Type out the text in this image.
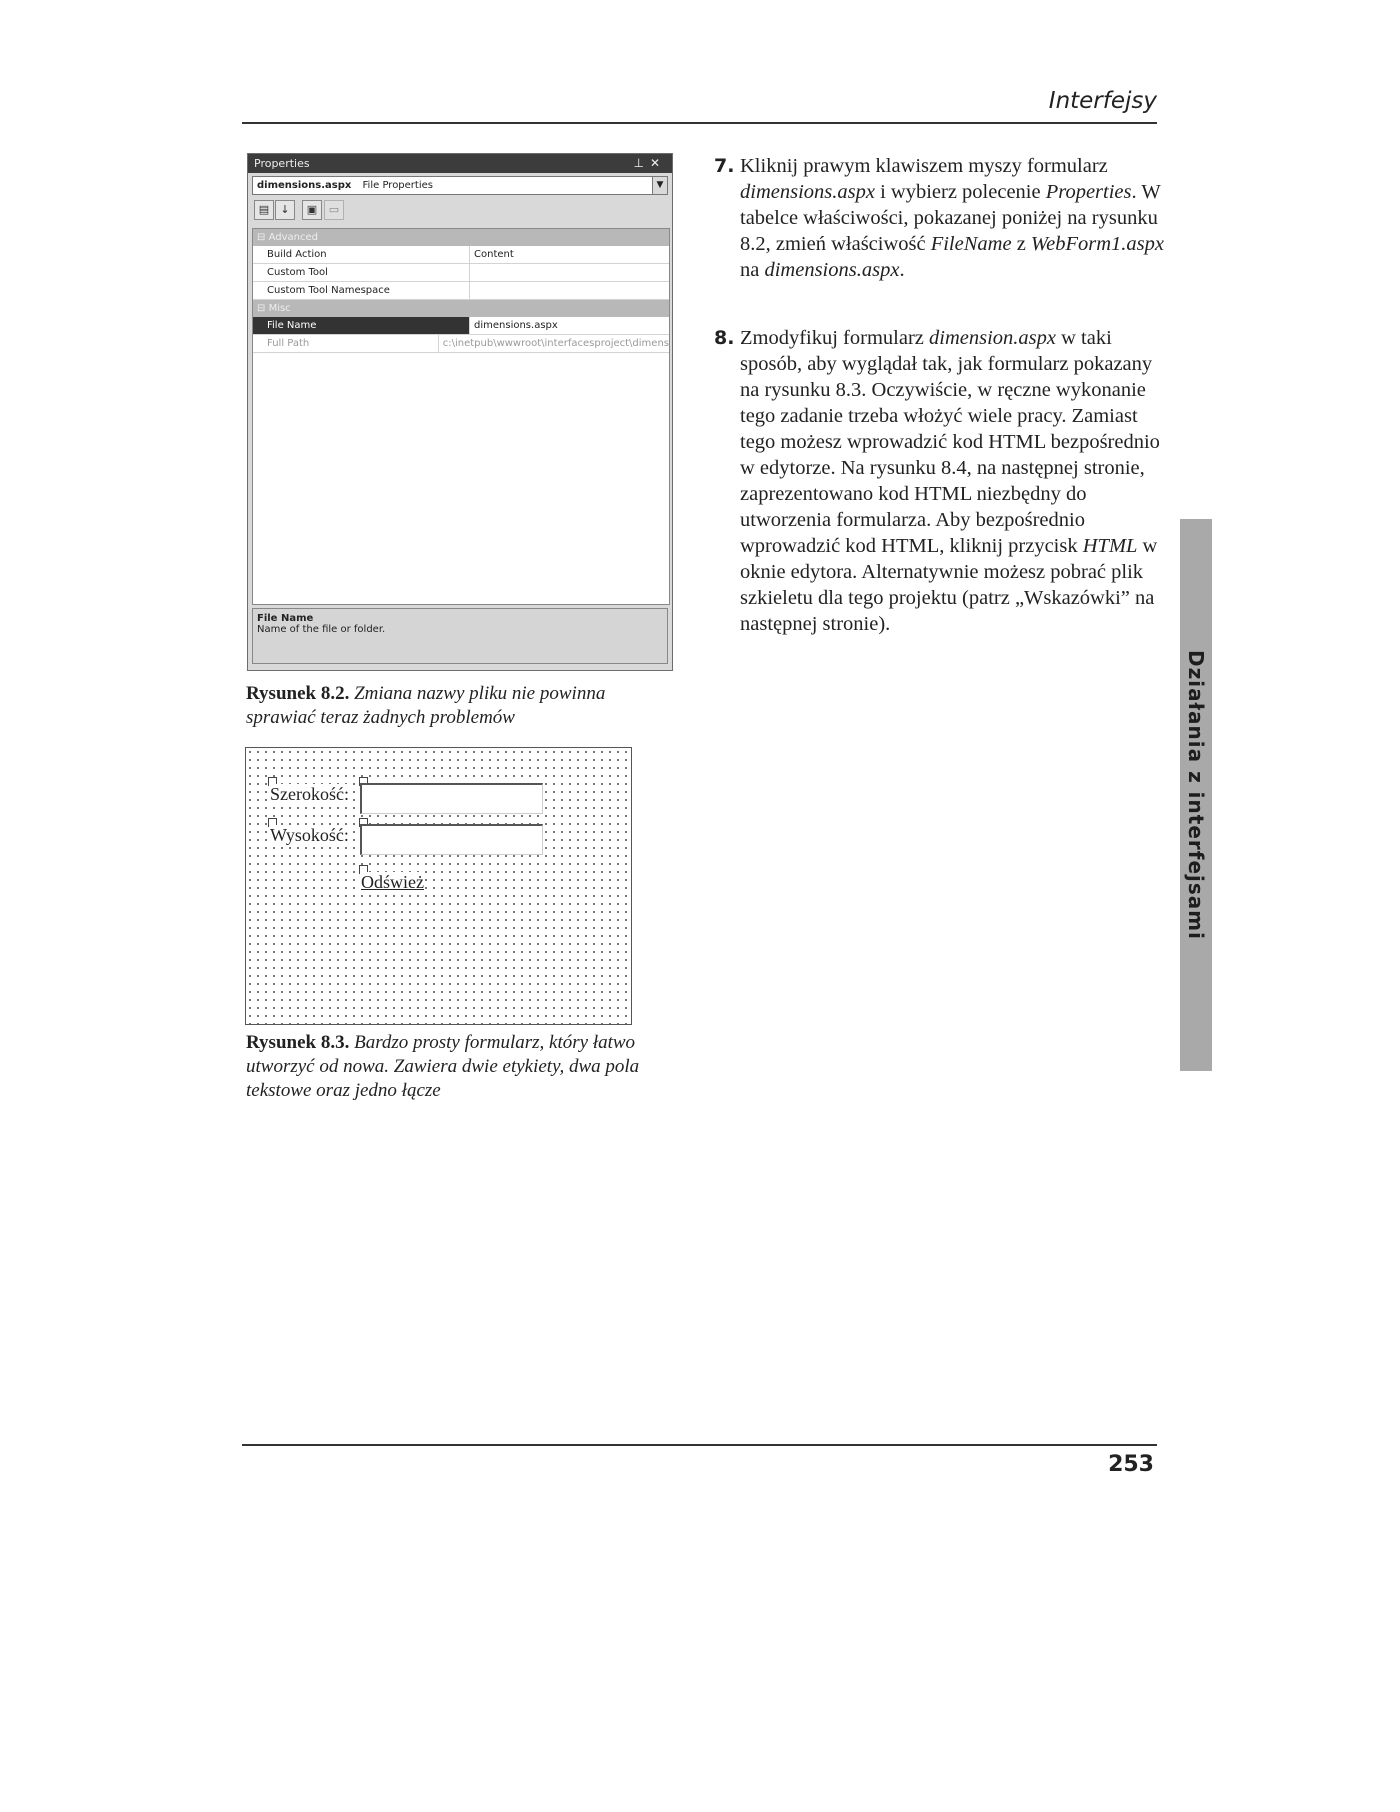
Interfejsy
Działania z interfejsami
Properties	⊥✕
dimensions.aspx File Properties	▼
▤	↓	▣	▭
⊟ Advanced
Build Action	Content
Custom Tool
Custom Tool Namespace
⊟ Misc
File Name	dimensions.aspx
Full Path	c:\inetpub\wwwroot\interfacesproject\dimens
File Name
Name of the file or folder.
Rysunek 8.2. Zmiana nazwy pliku nie powinna sprawiać teraz żadnych problemów
Szerokość:
Wysokość:
Odśwież
Rysunek 8.3. Bardzo prosty formularz, który łatwo utworzyć od nowa. Zawiera dwie etykiety, dwa pola tekstowe oraz jedno łącze
7. Kliknij prawym klawiszem myszy formularz dimensions.aspx i wybierz polecenie Properties. W tabelce właściwości, pokazanej poniżej na rysunku 8.2, zmień właściwość FileName z WebForm1.aspx na dimensions.aspx.
8. Zmodyfikuj formularz dimension.aspx w taki sposób, aby wyglądał tak, jak formularz pokazany na rysunku 8.3. Oczywiście, w ręczne wykonanie tego zadanie trzeba włożyć wiele pracy. Zamiast tego możesz wprowadzić kod HTML bezpośrednio w edytorze. Na rysunku 8.4, na następnej stronie, zaprezentowano kod HTML niezbędny do utworzenia formularza. Aby bezpośrednio wprowadzić kod HTML, kliknij przycisk HTML w oknie edytora. Alternatywnie możesz pobrać plik szkieletu dla tego projektu (patrz „Wskazówki” na następnej stronie).
253
